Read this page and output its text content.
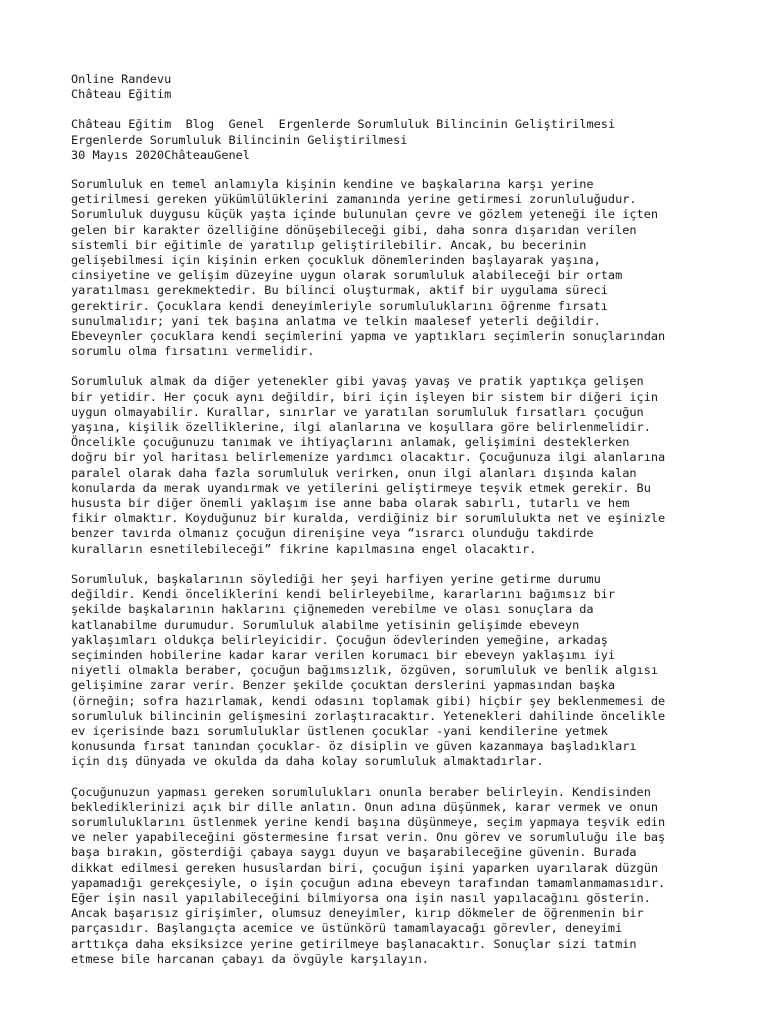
Online Randevu
Château Eğitim
Château Eğitim Blog Genel Ergenlerde Sorumluluk Bilincinin Geliştirilmesi
Ergenlerde Sorumluluk Bilincinin Geliştirilmesi
30 Mayıs 2020ChâteauGenel
Sorumluluk en temel anlamıyla kişinin kendine ve başkalarına karşı yerine
getirilmesi gereken yükümlülüklerini zamanında yerine getirmesi zorunluluğudur.
Sorumluluk duygusu küçük yaşta içinde bulunulan çevre ve gözlem yeteneği ile içten
gelen bir karakter özelliğine dönüşebileceği gibi, daha sonra dışarıdan verilen
sistemli bir eğitimle de yaratılıp geliştirilebilir. Ancak, bu becerinin
gelişebilmesi için kişinin erken çocukluk dönemlerinden başlayarak yaşına,
cinsiyetine ve gelişim düzeyine uygun olarak sorumluluk alabileceği bir ortam
yaratılması gerekmektedir. Bu bilinci oluşturmak, aktif bir uygulama süreci
gerektirir. Çocuklara kendi deneyimleriyle sorumluluklarını öğrenme fırsatı
sunulmalıdır; yani tek başına anlatma ve telkin maalesef yeterli değildir.
Ebeveynler çocuklara kendi seçimlerini yapma ve yaptıkları seçimlerin sonuçlarından
sorumlu olma fırsatını vermelidir.
Sorumluluk almak da diğer yetenekler gibi yavaş yavaş ve pratik yaptıkça gelişen
bir yetidir. Her çocuk aynı değildir, biri için işleyen bir sistem bir diğeri için
uygun olmayabilir. Kurallar, sınırlar ve yaratılan sorumluluk fırsatları çocuğun
yaşına, kişilik özelliklerine, ilgi alanlarına ve koşullara göre belirlenmelidir.
Öncelikle çocuğunuzu tanımak ve ihtiyaçlarını anlamak, gelişimini desteklerken
doğru bir yol haritası belirlemenize yardımcı olacaktır. Çocuğunuza ilgi alanlarına
paralel olarak daha fazla sorumluluk verirken, onun ilgi alanları dışında kalan
konularda da merak uyandırmak ve yetilerini geliştirmeye teşvik etmek gerekir. Bu
hususta bir diğer önemli yaklaşım ise anne baba olarak sabırlı, tutarlı ve hem
fikir olmaktır. Koyduğunuz bir kuralda, verdiğiniz bir sorumlulukta net ve eşinizle
benzer tavırda olmanız çocuğun direnişine veya “ısrarcı olunduğu takdirde
kuralların esnetilebileceği” fikrine kapılmasına engel olacaktır.
Sorumluluk, başkalarının söylediği her şeyi harfiyen yerine getirme durumu
değildir. Kendi önceliklerini kendi belirleyebilme, kararlarını bağımsız bir
şekilde başkalarının haklarını çiğnemeden verebilme ve olası sonuçlara da
katlanabilme durumudur. Sorumluluk alabilme yetisinin gelişimde ebeveyn
yaklaşımları oldukça belirleyicidir. Çocuğun ödevlerinden yemeğine, arkadaş
seçiminden hobilerine kadar karar verilen korumacı bir ebeveyn yaklaşımı iyi
niyetli olmakla beraber, çocuğun bağımsızlık, özgüven, sorumluluk ve benlik algısı
gelişimine zarar verir. Benzer şekilde çocuktan derslerini yapmasından başka
(örneğin; sofra hazırlamak, kendi odasını toplamak gibi) hiçbir şey beklenmemesi de
sorumluluk bilincinin gelişmesini zorlaştıracaktır. Yetenekleri dahilinde öncelikle
ev içerisinde bazı sorumluluklar üstlenen çocuklar -yani kendilerine yetmek
konusunda fırsat tanından çocuklar- öz disiplin ve güven kazanmaya başladıkları
için dış dünyada ve okulda da daha kolay sorumluluk almaktadırlar.
Çocuğunuzun yapması gereken sorumlulukları onunla beraber belirleyin. Kendisinden
beklediklerinizi açık bir dille anlatın. Onun adına düşünmek, karar vermek ve onun
sorumluluklarını üstlenmek yerine kendi başına düşünmeye, seçim yapmaya teşvik edin
ve neler yapabileceğini göstermesine fırsat verin. Onu görev ve sorumluluğu ile baş
başa bırakın, gösterdiği çabaya saygı duyun ve başarabileceğine güvenin. Burada
dikkat edilmesi gereken hususlardan biri, çocuğun işini yaparken uyarılarak düzgün
yapamadığı gerekçesiyle, o işin çocuğun adına ebeveyn tarafından tamamlanmamasıdır.
Eğer işin nasıl yapılabileceğini bilmiyorsa ona işin nasıl yapılacağını gösterin.
Ancak başarısız girişimler, olumsuz deneyimler, kırıp dökmeler de öğrenmenin bir
parçasıdır. Başlangıçta acemice ve üstünkörü tamamlayacağı görevler, deneyimi
arttıkça daha eksiksizce yerine getirilmeye başlanacaktır. Sonuçlar sizi tatmin
etmese bile harcanan çabayı da övgüyle karşılayın.
